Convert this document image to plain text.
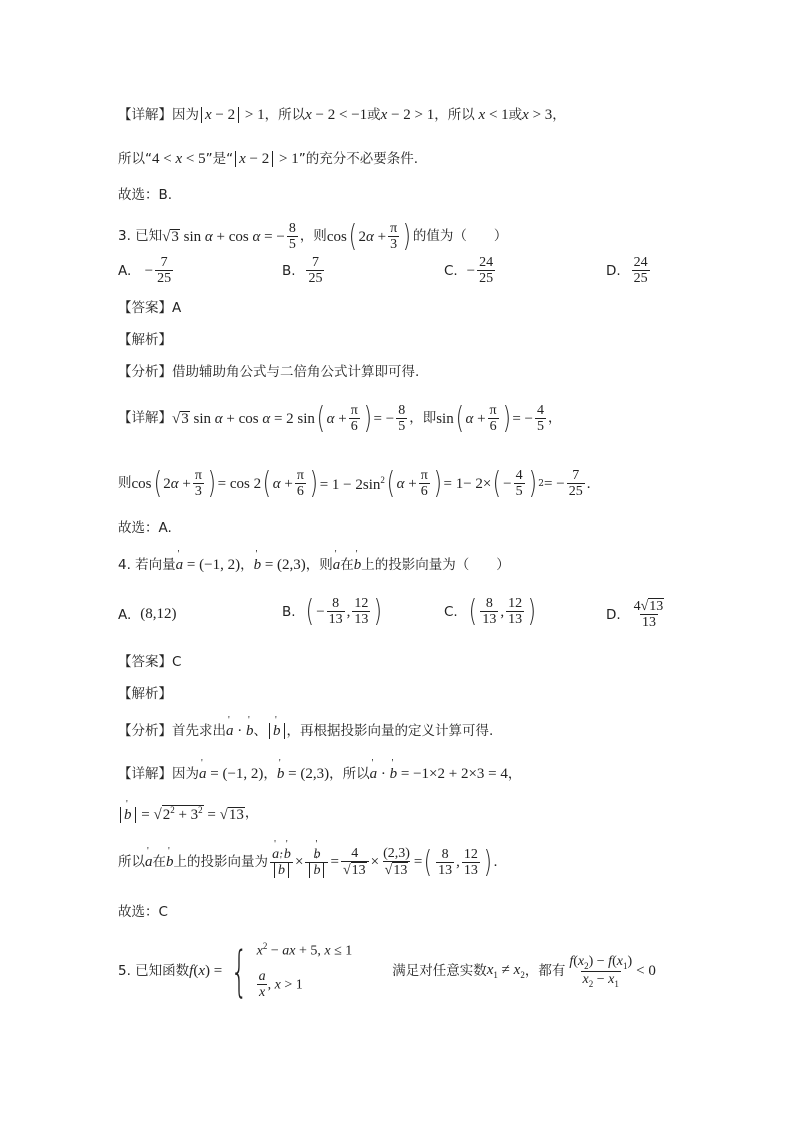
【详解】 因为 x − 2 > 1 ，所以 x − 2 < −1 或 x − 2 > 1 ，所以 x < 1 或 x > 3 ，
所以“ 4 < x < 5 ”是“ x − 2 > 1 ”的充分不必要条件.
故选：B.
3. 已知 √ 3 sin α + cos α = − $\frac{8}{5}$ ，则 cos ( $2\alpha + \frac{\pi}{3}$ ) 的值为（　　）
A.
− $\frac{7}{25}$	B.
$\frac{7}{25}$	C.
− $\frac{24}{25}$	D.
$\frac{24}{25}$
【答案】 A
【解析】
【分析】 借助辅助角公式与二倍角公式计算即可得.
【详解】 √ 3 sin α + cos α = 2 sin ( $\alpha + \frac{\pi}{6}$ ) = − $\frac{8}{5}$ ，即 sin ( $\alpha + \frac{\pi}{6}$ ) = − $\frac{4}{5}$ ，
则 cos ( $2\alpha + \frac{\pi}{3}$ ) = cos 2 ( $\alpha + \frac{\pi}{6}$ ) = $1 - 2\sin^2$ ( $\alpha + \frac{\pi}{6}$ ) = 1− 2× ( − $\frac{4}{5}$ ) 2 = − $\frac{7}{25}$ .
故选：A.
4. 若向量 ' a = (−1, 2) ， ' b = (2,3) ，则 ' a 在 ' b 上的投影向量为（　　）
A.
(8,12)	B.
( − $\frac{8}{13}$ , $\frac{12}{13}$ )	C.
( $\frac{8}{13}$ , $\frac{12}{13}$ )	D.
$\frac{4√ 13}{13}$
【答案】 C
【解析】
【分析】 首先求出 ' a · ' b 、 ' b ，再根据投影向量的定义计算可得.
【详解】 因为 ' a = (−1, 2) ， ' b = (2,3) ，所以 ' a · ' b = −1×2 + 2×3 = 4 ，
' b = √ $2^2 + 3^2$ = √ 13 ，
所以 ' a 在 ' b 上的投影向量为 ' a·' b
' b × ' b
' $b = \frac{4}{√ 13} \times \frac{(2,3)}{√ 13}$ = ( $\frac{8}{13}$ , $\frac{12}{13}$ ) .
故选：C
5. 已知函数 f(x) = { $x^2$ − ax + 5, x ≤ 1
$\frac{a}{x}$ , x > 1
满足对任意实数 $x_1 \ne x_2$ ，都有 $\frac{f(x_2) - f(x_1)}{x_2 - x_1} < 0$
